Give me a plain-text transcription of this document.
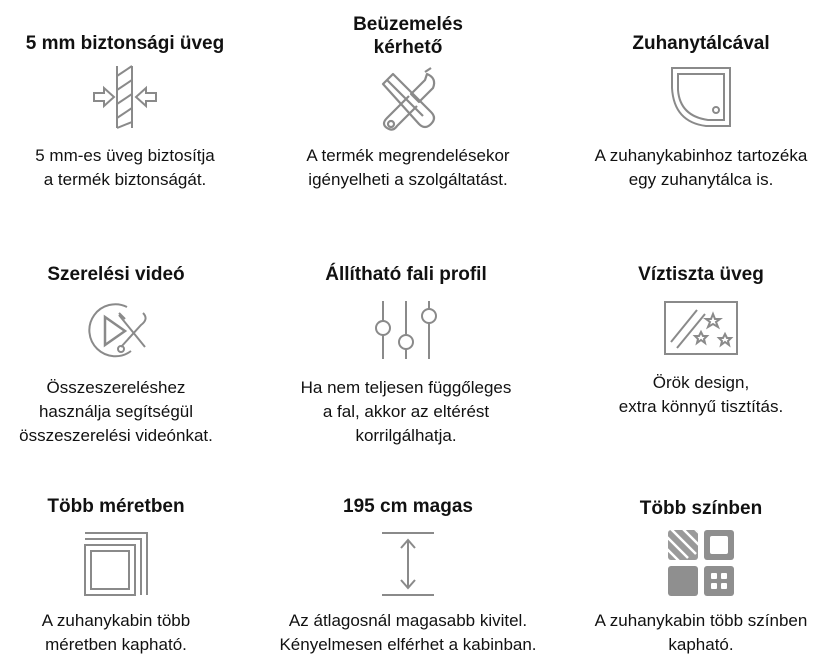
5 mm biztonsági üveg

5 mm-es üveg biztosítja
a termék biztonságát.

Beüzemelés
kérhető

A termék megrendelésekor
igényelheti a szolgáltatást.

Zuhanytálcával

A zuhanykabinhoz tartozéka
egy zuhanytálca is.

Szerelési videó

Összeszereléshez
használja segítségül
összeszerelési videónkat.

Állítható fali profil

Ha nem teljesen függőleges
a fal, akkor az eltérést
korrilgálhatja.

Víztiszta üveg

Örök design,
extra könnyű tisztítás.

Több méretben

A zuhanykabin több
méretben kapható.

195 cm magas

Az átlagosnál magasabb kivitel.
Kényelmesen elférhet a kabinban.

Több színben

A zuhanykabin több színben
kapható.
